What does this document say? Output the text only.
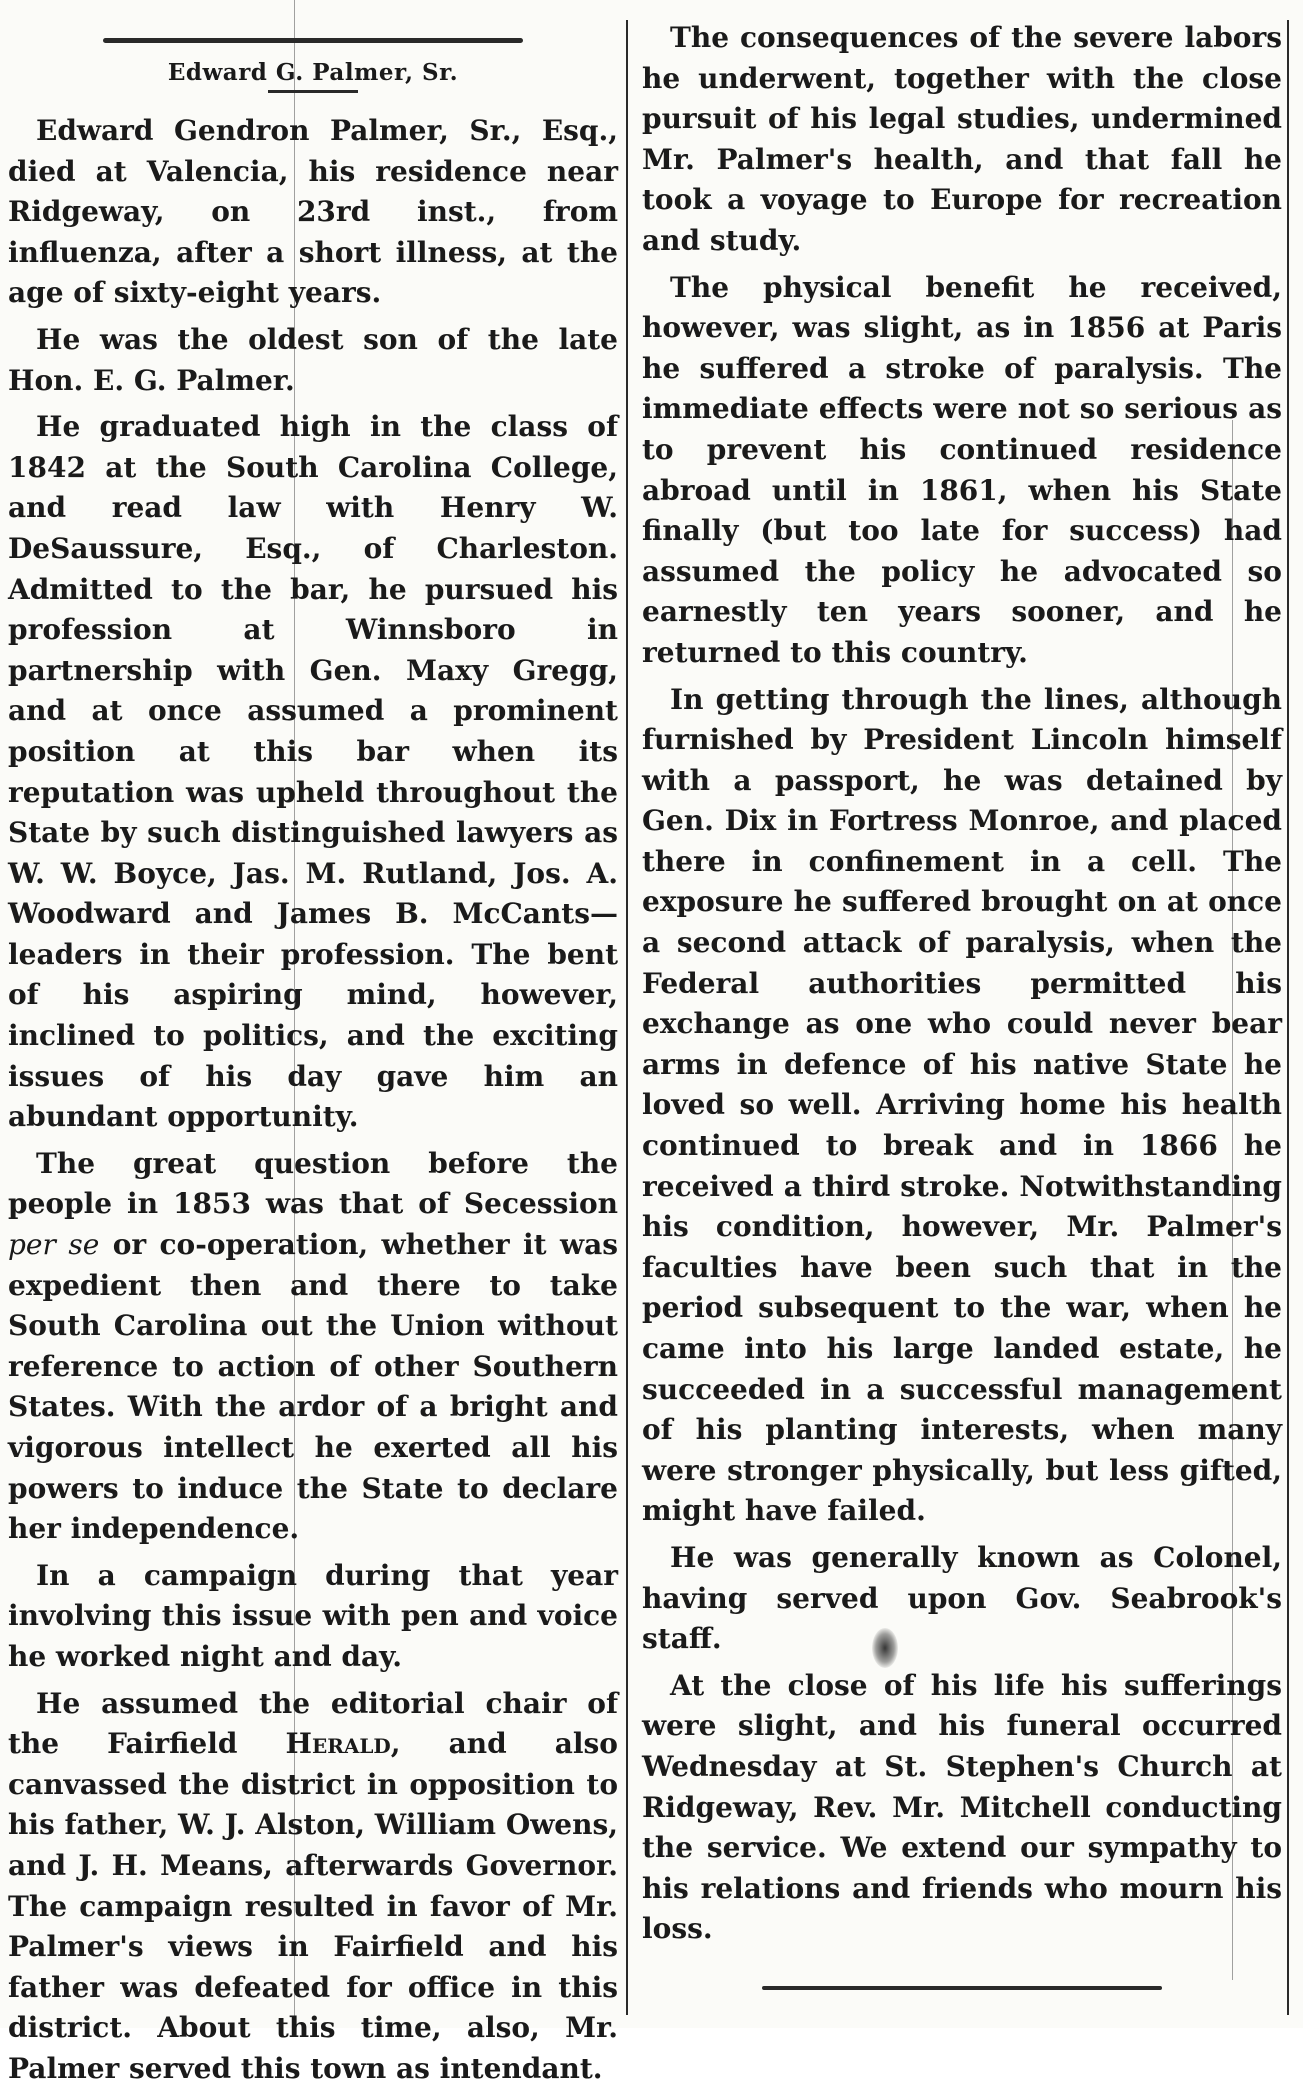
Edward G. Palmer, Sr.

Edward Gendron Palmer, Sr., Esq., died at Valencia, his residence near Ridgeway, on 23rd inst., from influenza, after a short illness, at the age of sixty-eight years.

He was the oldest son of the late Hon. E. G. Palmer.

He graduated high in the class of 1842 at the South Carolina College, and read law with Henry W. DeSaussure, Esq., of Charleston. Admitted to the bar, he pursued his profession at Winnsboro in partnership with Gen. Maxy Gregg, and at once assumed a prominent position at this bar when its reputation was upheld throughout the State by such distinguished lawyers as W. W. Boyce, Jas. M. Rutland, Jos. A. Woodward and James B. McCants—leaders in their profession. The bent of his aspiring mind, however, inclined to politics, and the exciting issues of his day gave him an abundant opportunity.

The great question before the people in 1853 was that of Secession per se or co-operation, whether it was expedient then and there to take South Carolina out the Union without reference to action of other Southern States. With the ardor of a bright and vigorous intellect he exerted all his powers to induce the State to declare her independence.

In a campaign during that year involving this issue with pen and voice he worked night and day.

He assumed the editorial chair of the Fairfield Herald, and also canvassed the district in opposition to his father, W. J. Alston, William Owens, and J. H. Means, afterwards Governor. The campaign resulted in favor of Mr. Palmer's views in Fairfield and his father was defeated for office in this district. About this time, also, Mr. Palmer served this town as intendant.

The consequences of the severe labors he underwent, together with the close pursuit of his legal studies, undermined Mr. Palmer's health, and that fall he took a voyage to Europe for recreation and study.

The physical benefit he received, however, was slight, as in 1856 at Paris he suffered a stroke of paralysis. The immediate effects were not so serious as to prevent his continued residence abroad until in 1861, when his State finally (but too late for success) had assumed the policy he advocated so earnestly ten years sooner, and he returned to this country.

In getting through the lines, although furnished by President Lincoln himself with a passport, he was detained by Gen. Dix in Fortress Monroe, and placed there in confinement in a cell. The exposure he suffered brought on at once a second attack of paralysis, when the Federal authorities permitted his exchange as one who could never bear arms in defence of his native State he loved so well. Arriving home his health continued to break and in 1866 he received a third stroke. Notwithstanding his condition, however, Mr. Palmer's faculties have been such that in the period subsequent to the war, when he came into his large landed estate, he succeeded in a successful management of his planting interests, when many were stronger physically, but less gifted, might have failed.

He was generally known as Colonel, having served upon Gov. Seabrook's staff.

At the close of his life his sufferings were slight, and his funeral occurred Wednesday at St. Stephen's Church at Ridgeway, Rev. Mr. Mitchell conducting the service. We extend our sympathy to his relations and friends who mourn his loss.
